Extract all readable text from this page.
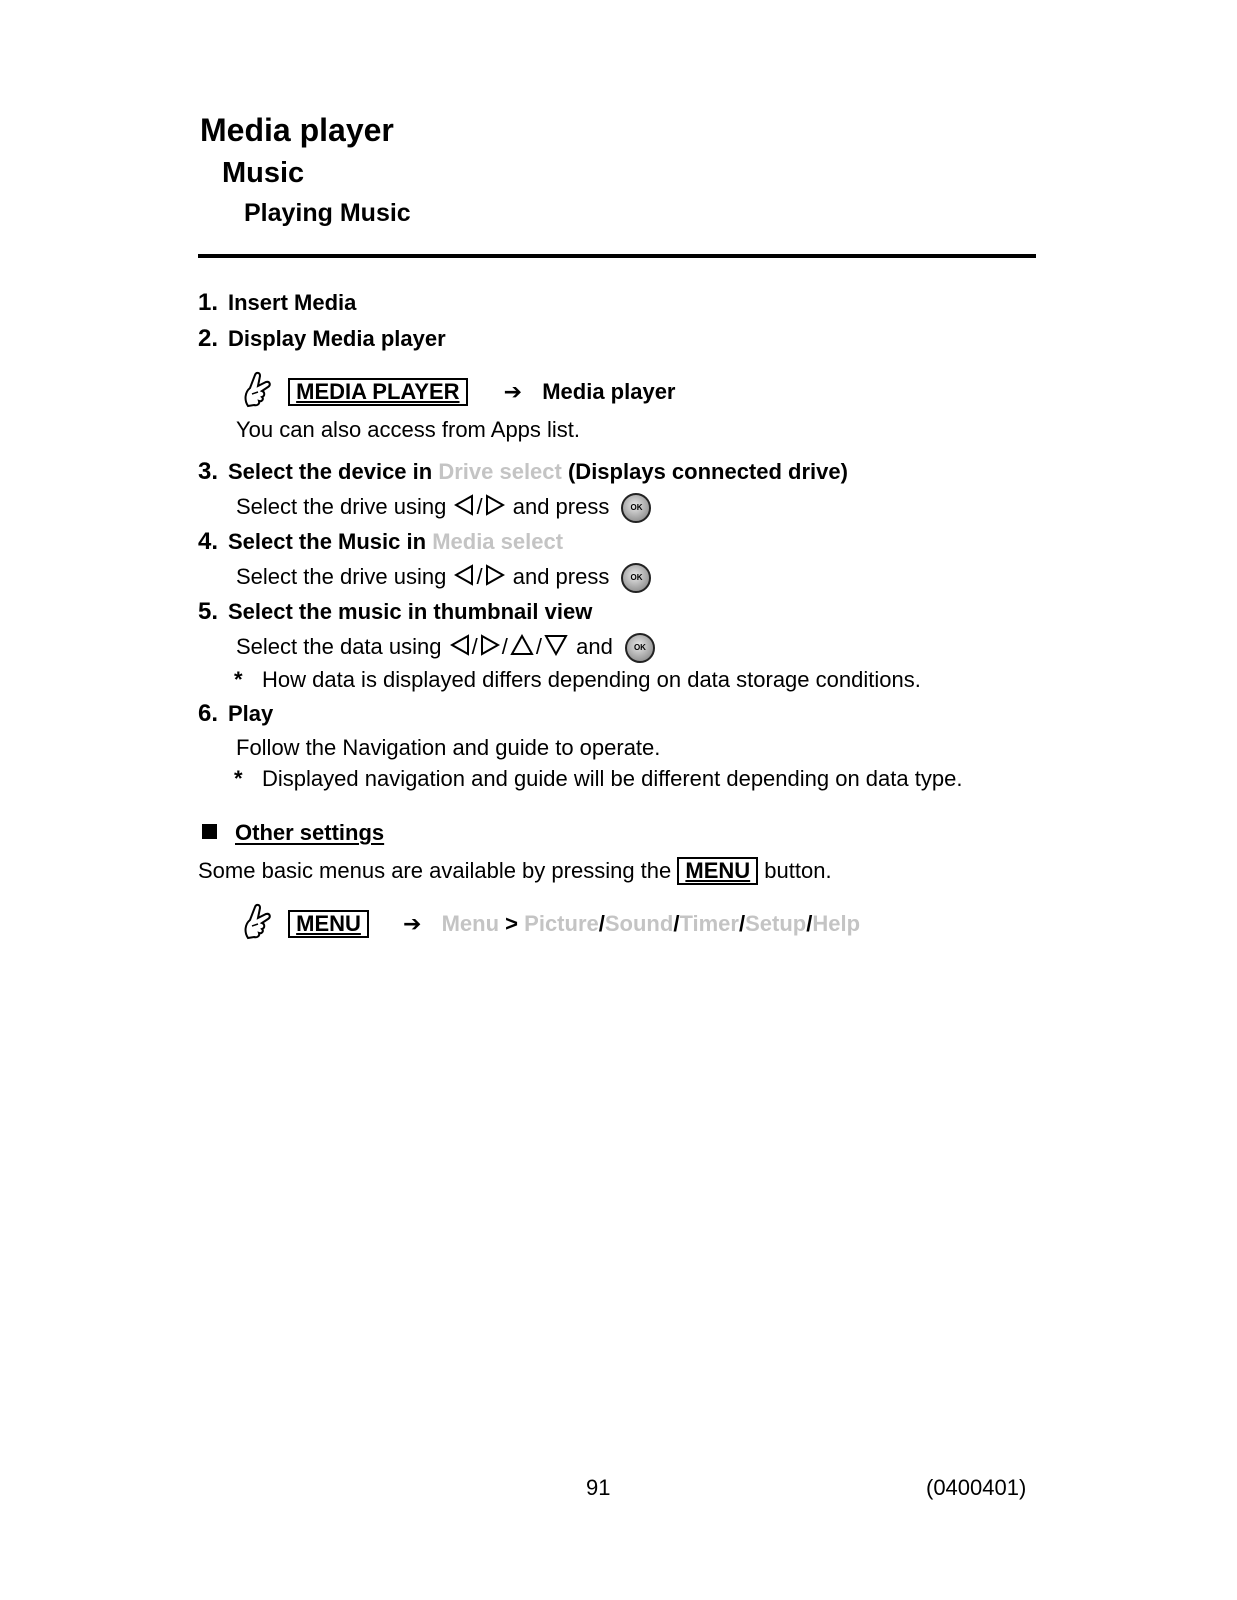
Media player
Music
Playing Music
1. Insert Media
2. Display Media player
MEDIA PLAYER ➔ Media player
You can also access from Apps list.
3. Select the device in Drive select (Displays connected drive)
Select the drive using / and press	OK
4. Select the Music in Media select
Select the drive using / and press	OK
5. Select the music in thumbnail view
Select the data using / / / and	OK
* How data is displayed differs depending on data storage conditions.
6. Play
Follow the Navigation and guide to operate.
* Displayed navigation and guide will be different depending on data type.
Other settings
Some basic menus are available by pressing the MENU button.
MENU ➔ Menu > Picture/Sound/Timer/Setup/Help
91	(0400401)
